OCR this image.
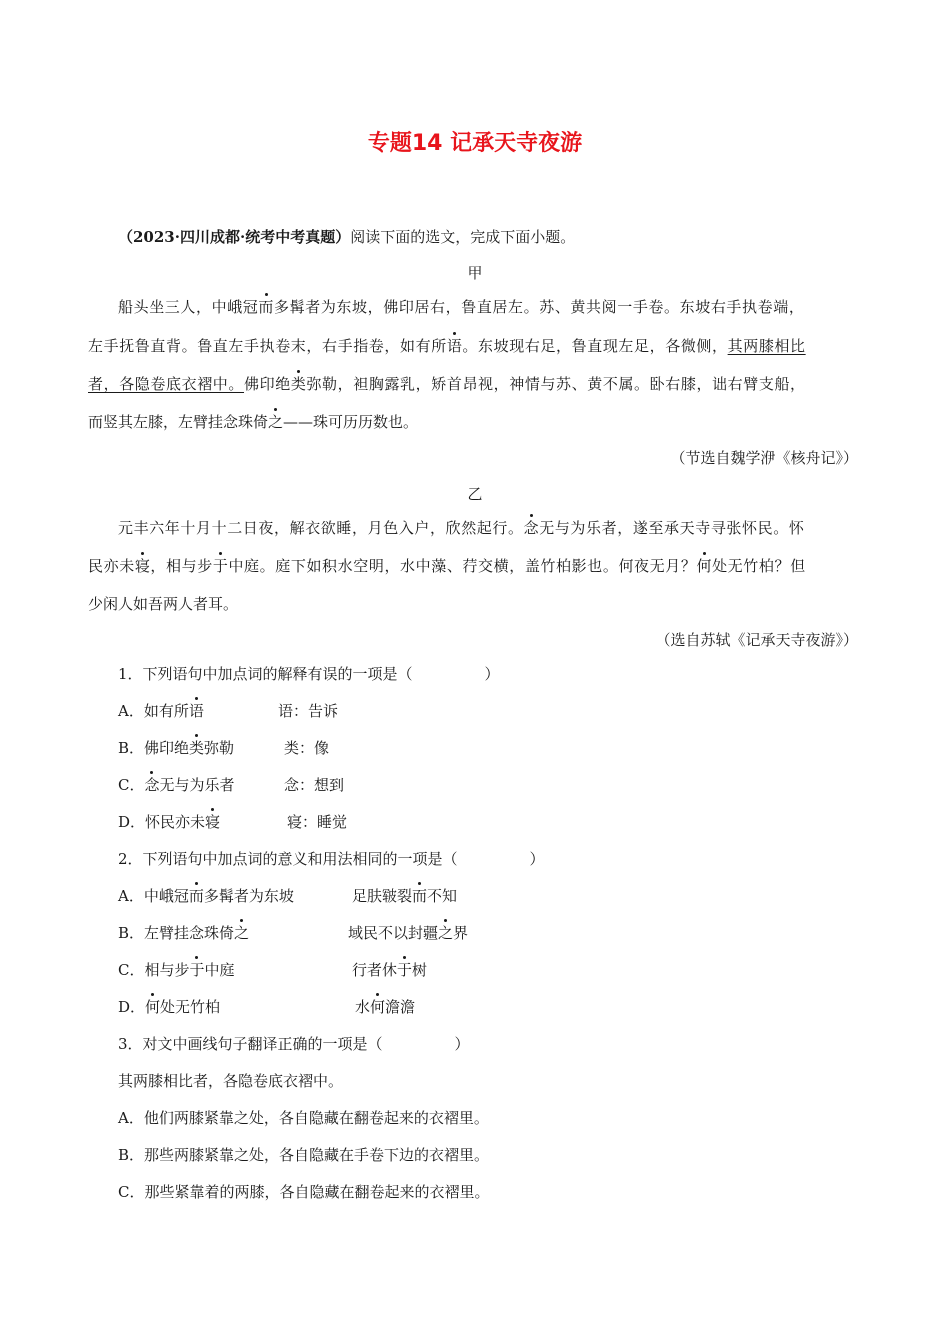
专题14 记承天寺夜游
（2023·四川成都·统考中考真题）阅读下面的选文，完成下面小题。
甲
船头坐三人，中峨冠而多髯者为东坡，佛印居右，鲁直居左。苏、黄共阅一手卷。东坡右手执卷端，
左手抚鲁直背。鲁直左手执卷末，右手指卷，如有所语。东坡现右足，鲁直现左足，各微侧，其两膝相比
者，各隐卷底衣褶中。佛印绝类弥勒，袒胸露乳，矫首昂视，神情与苏、黄不属。卧右膝，诎右臂支船，
而竖其左膝，左臂挂念珠倚之——珠可历历数也。
（节选自魏学洢《核舟记》）
乙
元丰六年十月十二日夜，解衣欲睡，月色入户，欣然起行。念无与为乐者，遂至承天寺寻张怀民。怀
民亦未寝，相与步于中庭。庭下如积水空明，水中藻、荇交横，盖竹柏影也。何夜无月？何处无竹柏？但
少闲人如吾两人者耳。
（选自苏轼《记承天寺夜游》）
1．下列语句中加点词的解释有误的一项是（	）
A．如有所语	语：告诉
B．佛印绝类弥勒	类：像
C．念无与为乐者	念：想到
D．怀民亦未寝	寝：睡觉
2．下列语句中加点词的意义和用法相同的一项是（	）
A．中峨冠而多髯者为东坡	足肤皲裂而不知
B．左臂挂念珠倚之	域民不以封疆之界
C．相与步于中庭	行者休于树
D．何处无竹柏	水何澹澹
3．对文中画线句子翻译正确的一项是（	）
其两膝相比者，各隐卷底衣褶中。
A．他们两膝紧靠之处，各自隐藏在翻卷起来的衣褶里。
B．那些两膝紧靠之处，各自隐藏在手卷下边的衣褶里。
C．那些紧靠着的两膝，各自隐藏在翻卷起来的衣褶里。
